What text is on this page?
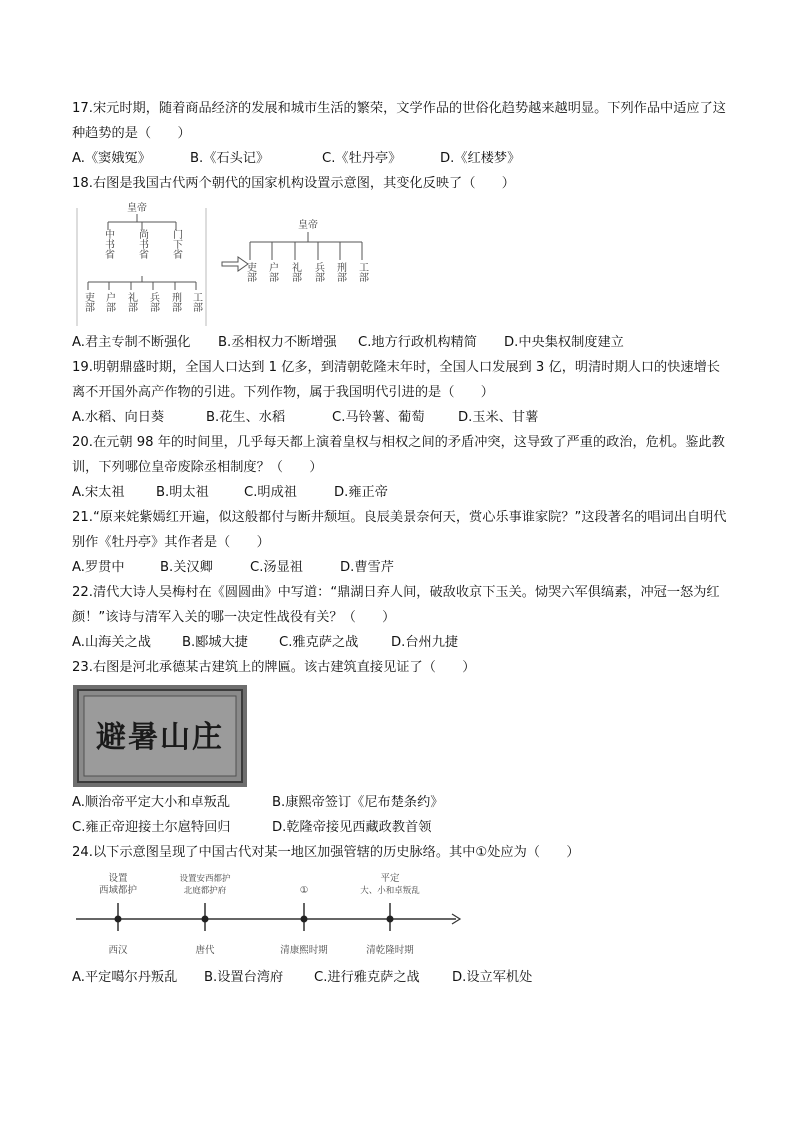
17.宋元时期，随着商品经济的发展和城市生活的繁荣，文学作品的世俗化趋势越来越明显。下列作品中适应了这种趋势的是（　　）
A.《窦娥冤》	B.《石头记》	C.《牡丹亭》	D.《红楼梦》
18.右图是我国古代两个朝代的国家机构设置示意图，其变化反映了（　　）
皇帝
皇帝
中书省 尚书省 门下省
吏部 户部 礼部 兵部 刑部 工部
吏部 户部 礼部 兵部 刑部 工部
A.君主专制不断强化	B.丞相权力不断增强	C.地方行政机构精简	D.中央集权制度建立
19.明朝鼎盛时期，全国人口达到 1 亿多，到清朝乾隆末年时，全国人口发展到 3 亿，明清时期人口的快速增长离不开国外高产作物的引进。下列作物，属于我国明代引进的是（　　）
A.水稻、向日葵	B.花生、水稻	C.马铃薯、葡萄	D.玉米、甘薯
20.在元朝 98 年的时间里，几乎每天都上演着皇权与相权之间的矛盾冲突，这导致了严重的政治，危机。鉴此教训，下列哪位皇帝废除丞相制度？（　　）
A.宋太祖	B.明太祖	C.明成祖	D.雍正帝
21.“原来姹紫嫣红开遍，似这般都付与断井颓垣。良辰美景奈何天，赏心乐事谁家院？”这段著名的唱词出自明代别作《牡丹亭》其作者是（　　）
A.罗贯中	B.关汉卿	C.汤显祖	D.曹雪芹
22.清代大诗人吴梅村在《圆圆曲》中写道：“鼎湖日弃人间，破敌收京下玉关。恸哭六军俱缟素，冲冠一怒为红颜！”该诗与清军入关的哪一决定性战役有关？（　　）
A.山海关之战	B.郾城大捷	C.雅克萨之战	D.台州九捷
23.右图是河北承德某古建筑上的牌匾。该古建筑直接见证了（　　）
避暑山庄
A.顺治帝平定大小和卓叛乱	B.康熙帝签订《尼布楚条约》
C.雍正帝迎接土尔扈特回归	D.乾隆帝接见西藏政教首领
24.以下示意图呈现了中国古代对某一地区加强管辖的历史脉络。其中①处应为（　　）
设置
西域都护
设置安西都护北庭都护府	①
平定
大、小和卓叛乱
西汉	唐代	清康熙时期	清乾隆时期
A.平定噶尔丹叛乱	B.设置台湾府	C.进行雅克萨之战	D.设立军机处
